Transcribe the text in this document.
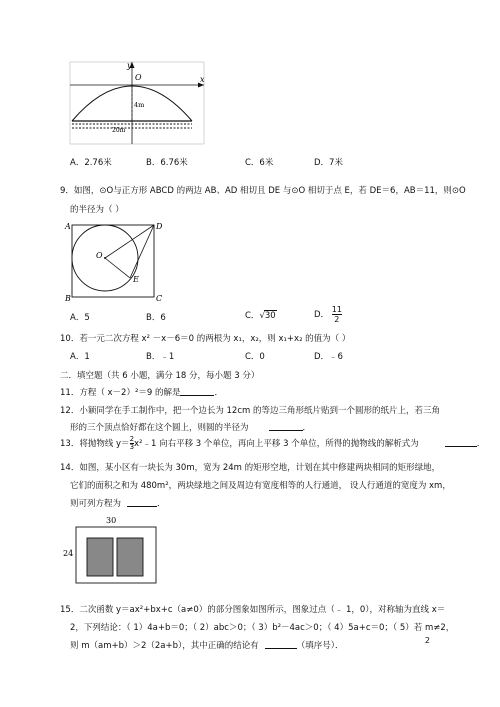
y
x
O
4m
20m
A．2.76米	B．6.76米	C．6米	D．7米
9．如图，⊙O与正方形 ABCD 的两边 AB、AD 相切且 DE 与⊙O 相切于点 E，若 DE＝6，AB＝11，则⊙O
的半径为（ ）
A	D
B	C
E
O
A．5	B．6	C．√30	D． $\frac{11}{2}$
10．若一元二次方程 x² －x－6＝0 的两根为 x₁，x₂，则 x₁+x₂ 的值为（ ）
A．1	B．﹣1	C．0	D．﹣6
二．填空题（共 6 小题，满分 18 分，每小题 3 分）
11．方程（ x－2）²＝9 的解是	．
12．小颖同学在手工制作中，把一个边长为 12cm 的等边三角形纸片贴到一个圆形的纸片上，若三角
形的三个顶点恰好都在这个圆上，则圆的半径为	．
13．将抛物线 $y= \frac{2}{3}$ x²﹣1 向右平移 3 个单位，再向上平移 3 个单位，所得的抛物线的解析式为	．
14．如图，某小区有一块长为 30m，宽为 24m 的矩形空地，计划在其中修建两块相同的矩形绿地，
它们的面积之和为 480m²，两块绿地之间及周边有宽度相等的人行通道， 设人行通道的宽度为 xm，
则可列方程为	．
30
24
15．二次函数 y＝ax²+bx+c（a≠0）的部分图象如图所示，图象过点（﹣ 1，0），对称轴为直线 x＝
2，下列结论：（ 1）4a+b＝0；（ 2）abc＞0；（ 3）b²－4ac＞0；（ 4）5a+c＝0；（ 5）若 m≠2，
则 m（am+b）＞2（2a+b），其中正确的结论有	（填序号）．
2
